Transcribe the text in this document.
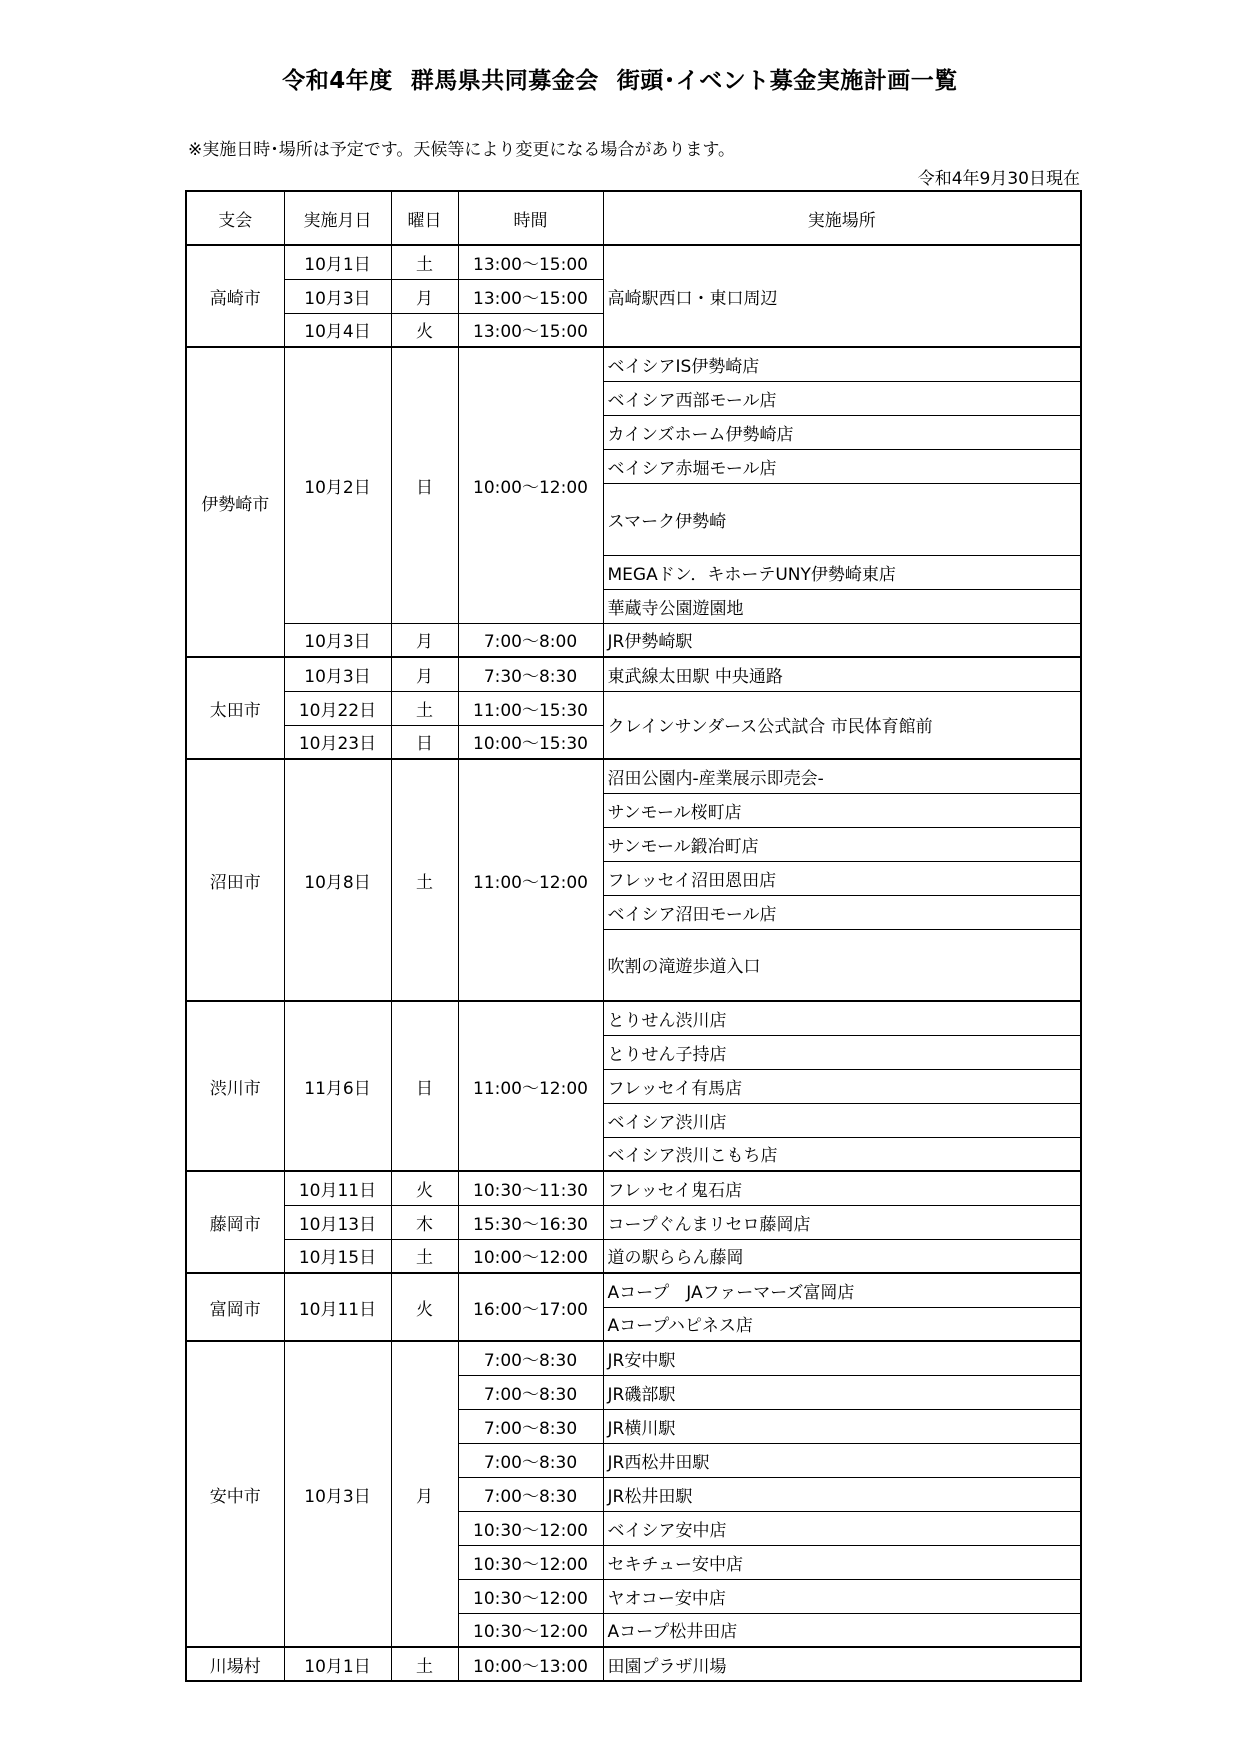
令和4年度 群馬県共同募金会 街頭･イベント募金実施計画一覧
※実施日時･場所は予定です。天候等により変更になる場合があります。
令和4年9月30日現在
支会	実施月日	曜日	時間	実施場所
高崎市	10月1日	土	13:00～15:00	高崎駅西口・東口周辺
	10月3日	月	13:00～15:00	
	10月4日	火	13:00～15:00	
伊勢崎市	10月2日	日	10:00～12:00	ベイシアIS伊勢崎店
				ベイシア西部モール店
				カインズホーム伊勢崎店
				ベイシア赤堀モール店
				スマーク伊勢崎
				MEGAドン．キホーテUNY伊勢崎東店
				華蔵寺公園遊園地
	10月3日	月	7:00～8:00	JR伊勢崎駅
太田市	10月3日	月	7:30～8:30	東武線太田駅 中央通路
	10月22日	土	11:00～15:30	クレインサンダース公式試合 市民体育館前
	10月23日	日	10:00～15:30	
沼田市	10月8日	土	11:00～12:00	沼田公園内-産業展示即売会-
				サンモール桜町店
				サンモール鍛冶町店
				フレッセイ沼田恩田店
				ベイシア沼田モール店
				吹割の滝遊歩道入口
渋川市	11月6日	日	11:00～12:00	とりせん渋川店
				とりせん子持店
				フレッセイ有馬店
				ベイシア渋川店
				ベイシア渋川こもち店
藤岡市	10月11日	火	10:30～11:30	フレッセイ鬼石店
	10月13日	木	15:30～16:30	コープぐんまリセロ藤岡店
	10月15日	土	10:00～12:00	道の駅ららん藤岡
富岡市	10月11日	火	16:00～17:00	Aコープ　JAファーマーズ富岡店
				Aコープハピネス店
安中市	10月3日	月	7:00～8:30	JR安中駅
			7:00～8:30	JR磯部駅
			7:00～8:30	JR横川駅
			7:00～8:30	JR西松井田駅
			7:00～8:30	JR松井田駅
			10:30～12:00	ベイシア安中店
			10:30～12:00	セキチュー安中店
			10:30～12:00	ヤオコー安中店
			10:30～12:00	Aコープ松井田店
川場村	10月1日	土	10:00～13:00	田園プラザ川場
